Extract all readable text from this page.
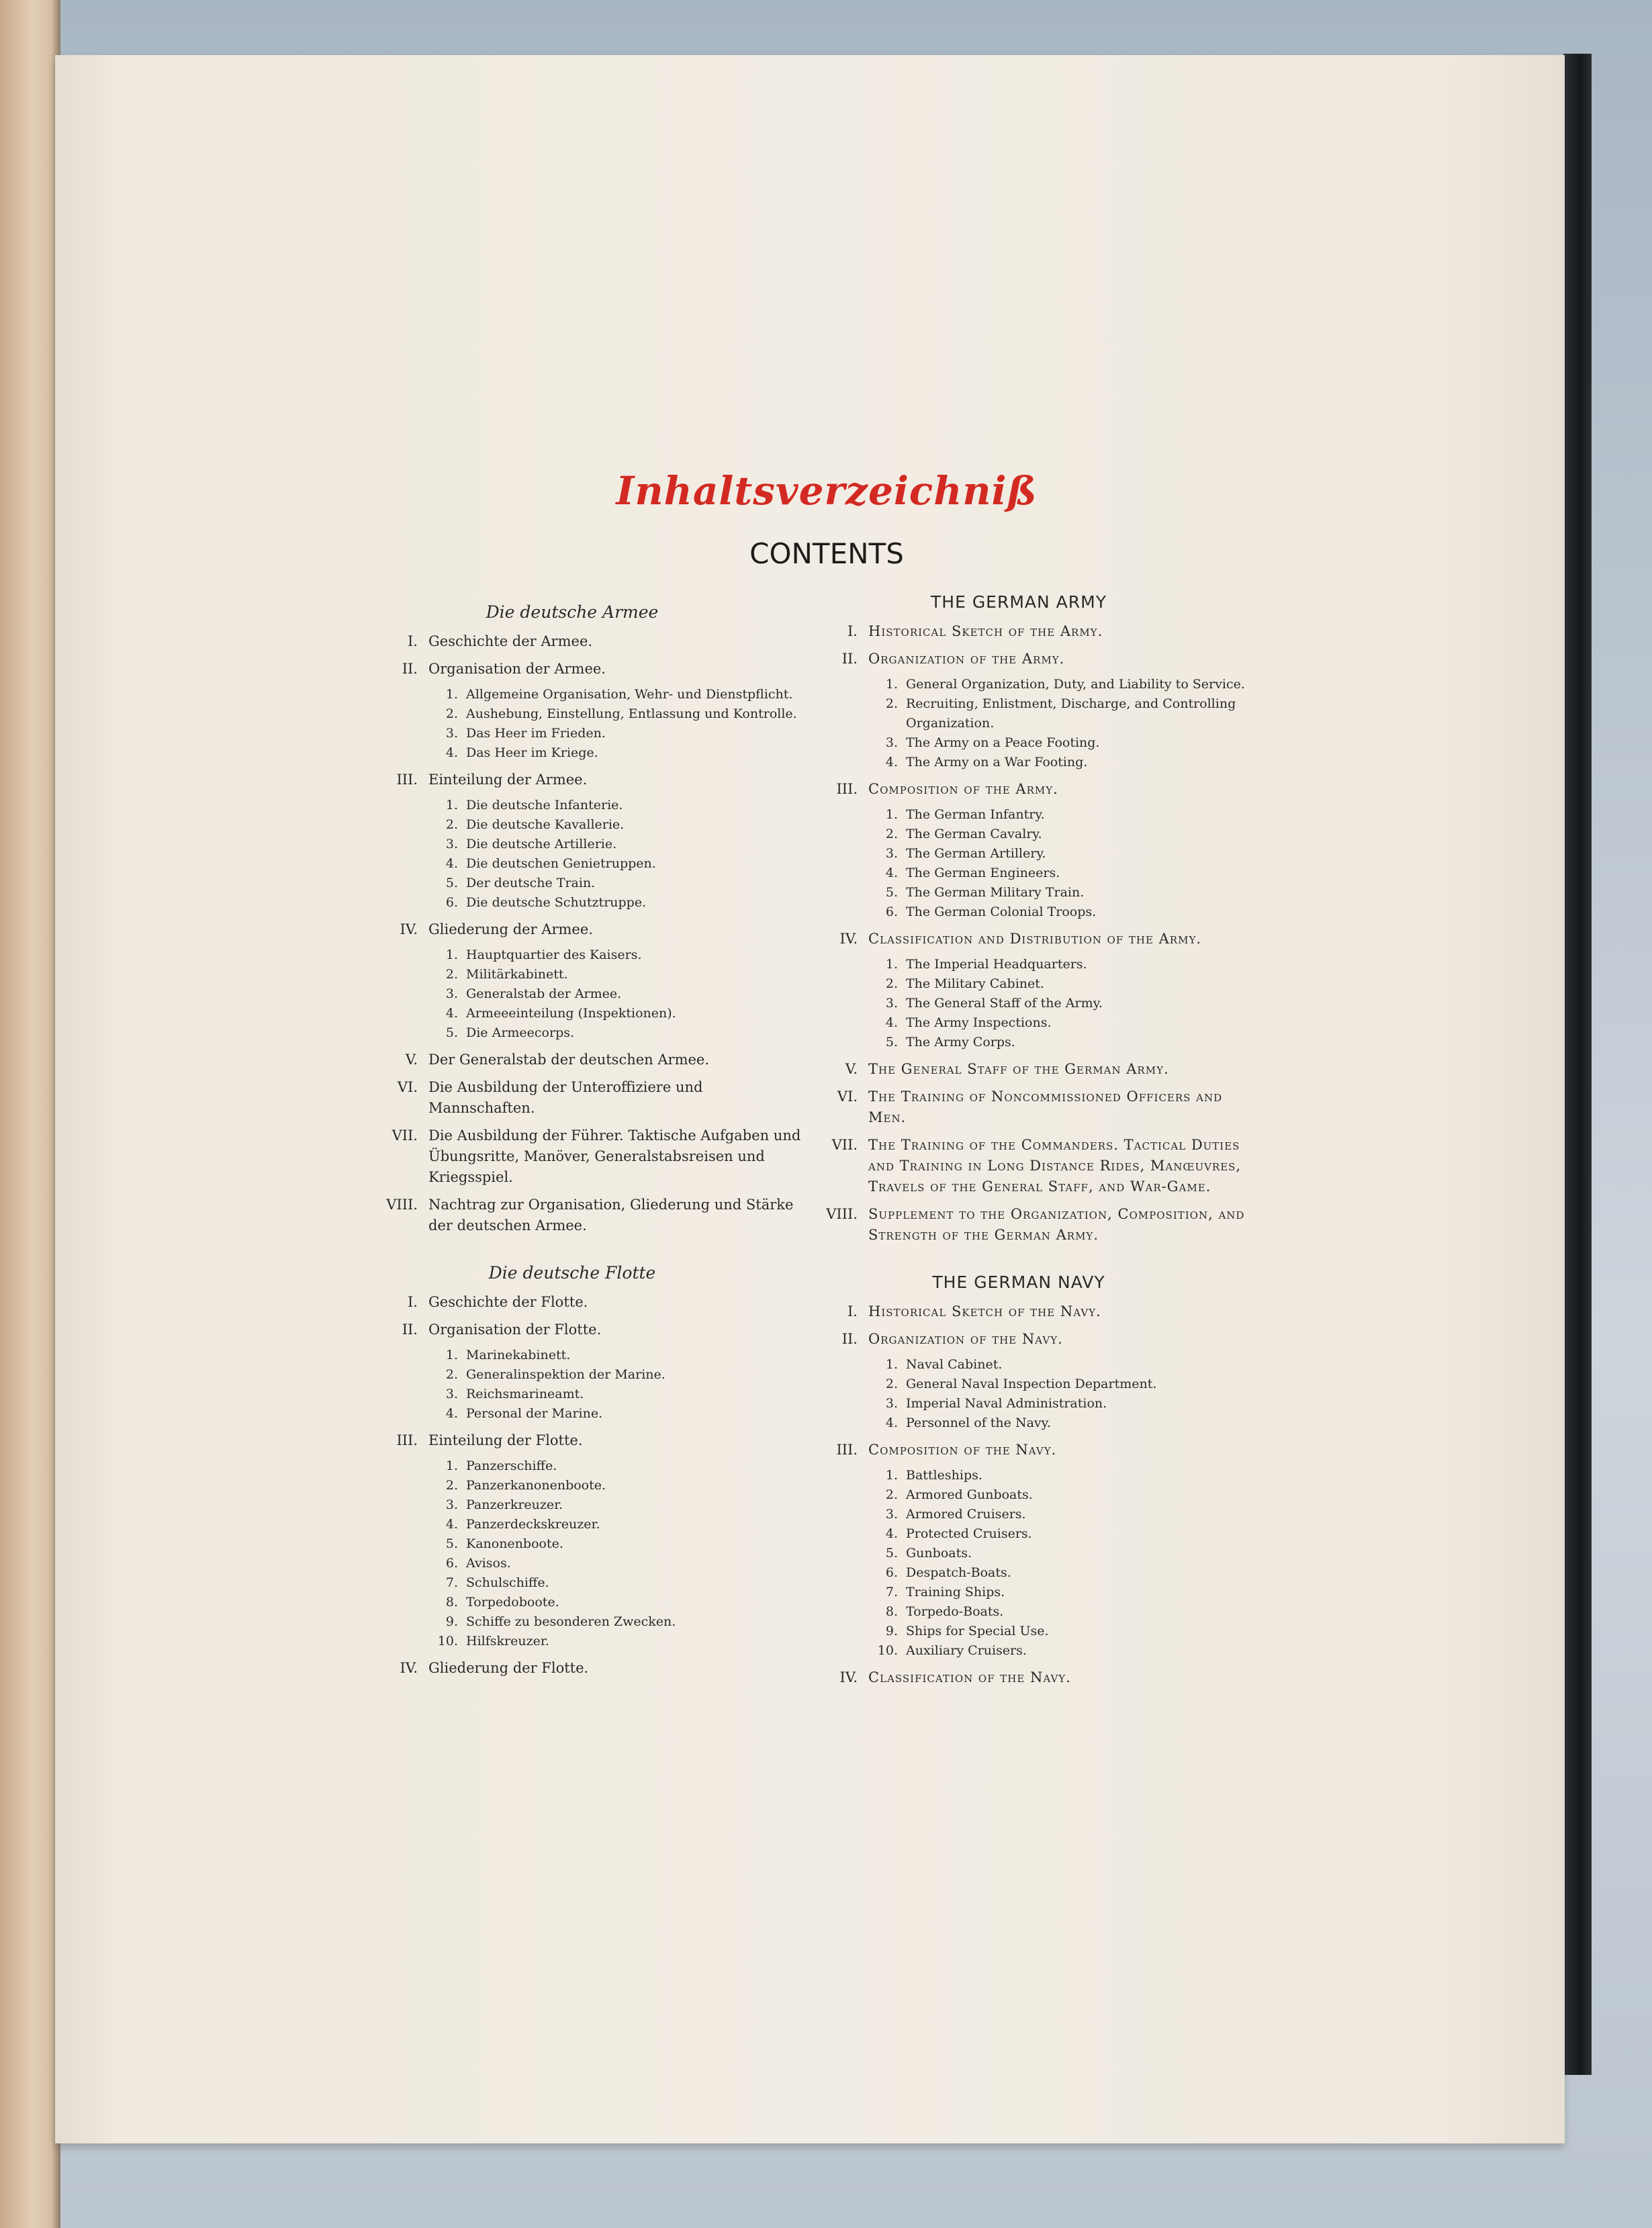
Inhaltsverzeichniß
CONTENTS
Die deutsche Armee
I. Geschichte der Armee.
II. Organisation der Armee.
1. Allgemeine Organisation, Wehr- und Dienstpflicht.
2. Aushebung, Einstellung, Entlassung und Kontrolle.
3. Das Heer im Frieden.
4. Das Heer im Kriege.
III. Einteilung der Armee.
1. Die deutsche Infanterie.
2. Die deutsche Kavallerie.
3. Die deutsche Artillerie.
4. Die deutschen Genietruppen.
5. Der deutsche Train.
6. Die deutsche Schutztruppe.
IV. Gliederung der Armee.
1. Hauptquartier des Kaisers.
2. Militärkabinett.
3. Generalstab der Armee.
4. Armeeeinteilung (Inspektionen).
5. Die Armeecorps.
V. Der Generalstab der deutschen Armee.
VI. Die Ausbildung der Unteroffiziere und Mannschaften.
VII. Die Ausbildung der Führer. Taktische Aufgaben und Übungsritte, Manöver, Generalstabsreisen und Kriegsspiel.
VIII. Nachtrag zur Organisation, Gliederung und Stärke der deutschen Armee.
Die deutsche Flotte
I. Geschichte der Flotte.
II. Organisation der Flotte.
1. Marinekabinett.
2. Generalinspektion der Marine.
3. Reichsmarineamt.
4. Personal der Marine.
III. Einteilung der Flotte.
1. Panzerschiffe.
2. Panzerkanonenboote.
3. Panzerkreuzer.
4. Panzerdeckskreuzer.
5. Kanonenboote.
6. Avisos.
7. Schulschiffe.
8. Torpedoboote.
9. Schiffe zu besonderen Zwecken.
10. Hilfskreuzer.
IV. Gliederung der Flotte.
THE GERMAN ARMY
I. Historical Sketch of the Army.
II. Organization of the Army.
1. General Organization, Duty, and Liability to Service.
2. Recruiting, Enlistment, Discharge, and Controlling Organization.
3. The Army on a Peace Footing.
4. The Army on a War Footing.
III. Composition of the Army.
1. The German Infantry.
2. The German Cavalry.
3. The German Artillery.
4. The German Engineers.
5. The German Military Train.
6. The German Colonial Troops.
IV. Classification and Distribution of the Army.
1. The Imperial Headquarters.
2. The Military Cabinet.
3. The General Staff of the Army.
4. The Army Inspections.
5. The Army Corps.
V. The General Staff of the German Army.
VI. The Training of Noncommissioned Officers and Men.
VII. The Training of the Commanders. Tactical Duties and Training in Long Distance Rides, Manœuvres, Travels of the General Staff, and War-Game.
VIII. Supplement to the Organization, Composition, and Strength of the German Army.
THE GERMAN NAVY
I. Historical Sketch of the Navy.
II. Organization of the Navy.
1. Naval Cabinet.
2. General Naval Inspection Department.
3. Imperial Naval Administration.
4. Personnel of the Navy.
III. Composition of the Navy.
1. Battleships.
2. Armored Gunboats.
3. Armored Cruisers.
4. Protected Cruisers.
5. Gunboats.
6. Despatch-Boats.
7. Training Ships.
8. Torpedo-Boats.
9. Ships for Special Use.
10. Auxiliary Cruisers.
IV. Classification of the Navy.
